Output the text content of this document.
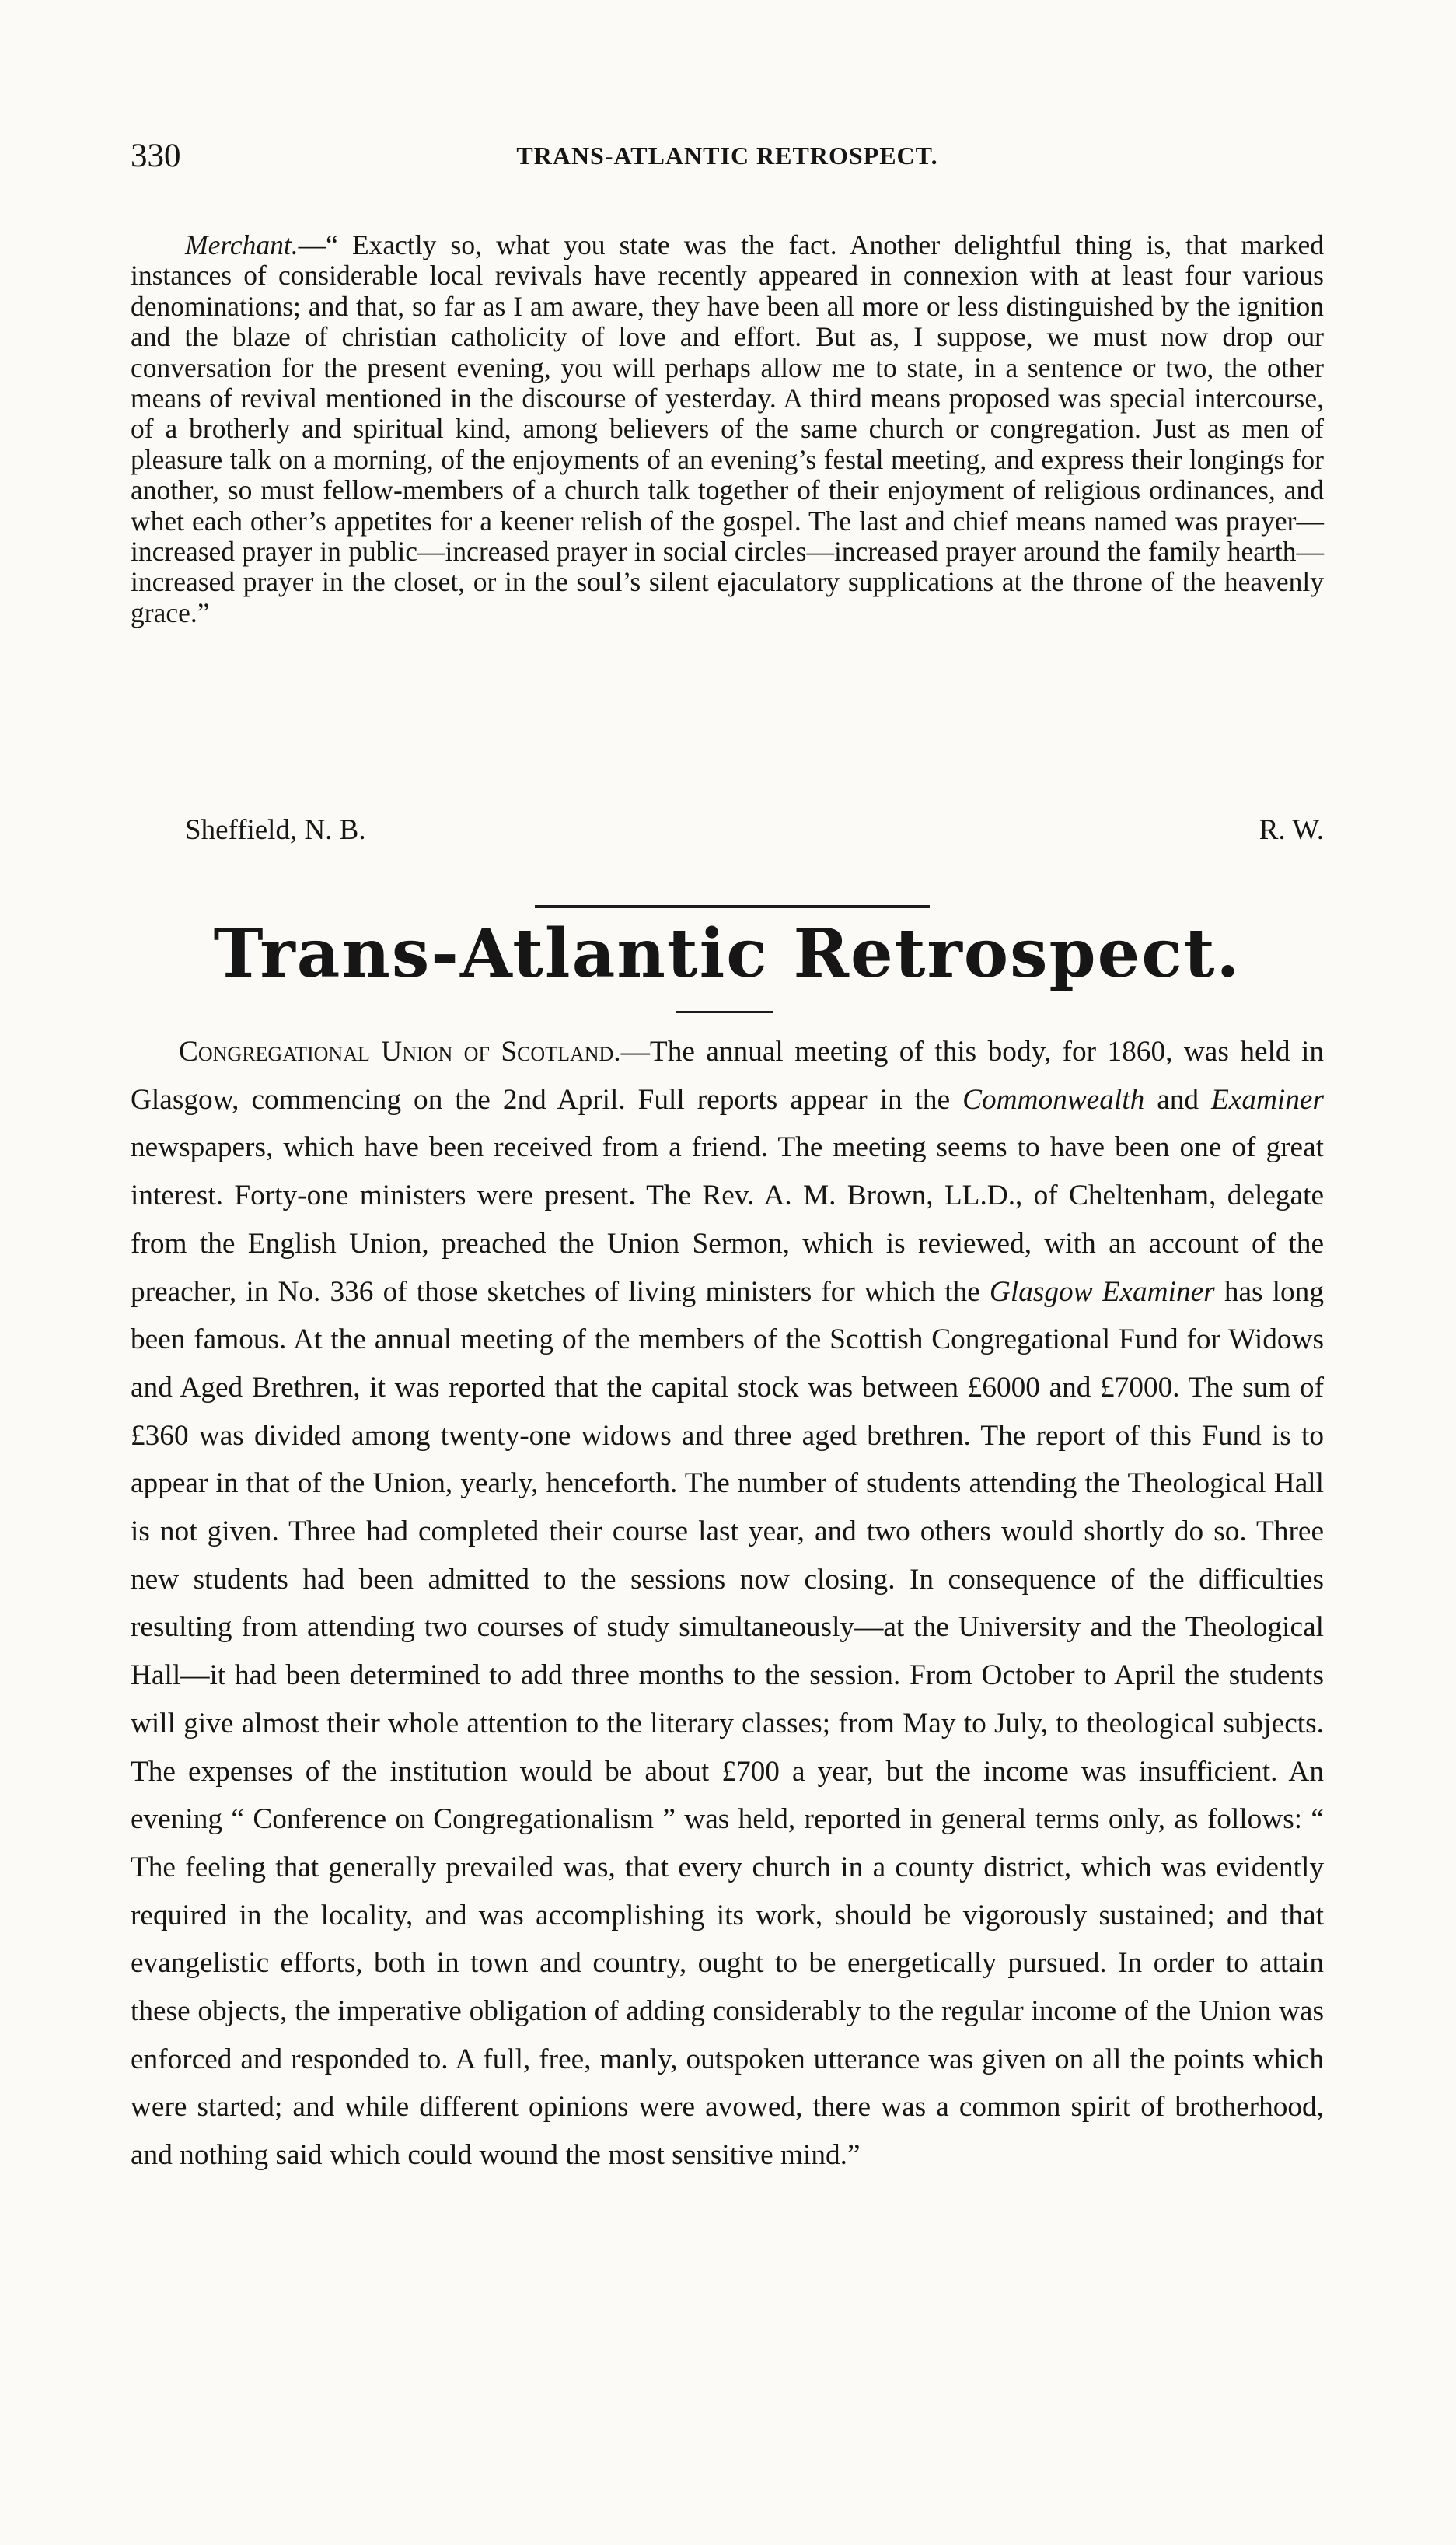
330	TRANS-ATLANTIC RETROSPECT.

Merchant.—“ Exactly so, what you state was the fact. Another delightful thing is, that marked instances of considerable local revivals have recently appeared in connexion with at least four various denominations; and that, so far as I am aware, they have been all more or less distinguished by the ignition and the blaze of christian catholicity of love and effort. But as, I suppose, we must now drop our conversation for the present evening, you will perhaps allow me to state, in a sentence or two, the other means of revival mentioned in the discourse of yesterday. A third means proposed was special intercourse, of a brotherly and spiritual kind, among believers of the same church or congregation. Just as men of pleasure talk on a morning, of the enjoyments of an evening’s festal meeting, and express their longings for another, so must fellow-members of a church talk together of their enjoyment of religious ordinances, and whet each other’s appetites for a keener relish of the gospel. The last and chief means named was prayer—increased prayer in public—increased prayer in social circles—increased prayer around the family hearth—increased prayer in the closet, or in the soul’s silent ejaculatory supplications at the throne of the heavenly grace.”

Sheffield, N. B.	R. W.
Trans-Atlantic Retrospect.

Congregational Union of Scotland.—The annual meeting of this body, for 1860, was held in Glasgow, commencing on the 2nd April. Full reports appear in the Commonwealth and Examiner newspapers, which have been received from a friend. The meeting seems to have been one of great interest. Forty-one ministers were present. The Rev. A. M. Brown, LL.D., of Cheltenham, delegate from the English Union, preached the Union Sermon, which is reviewed, with an account of the preacher, in No. 336 of those sketches of living ministers for which the Glasgow Examiner has long been famous. At the annual meeting of the members of the Scottish Congregational Fund for Widows and Aged Brethren, it was reported that the capital stock was between £6000 and £7000. The sum of £360 was divided among twenty-one widows and three aged brethren. The report of this Fund is to appear in that of the Union, yearly, henceforth. The number of students attending the Theological Hall is not given. Three had completed their course last year, and two others would shortly do so. Three new students had been admitted to the sessions now closing. In consequence of the difficulties resulting from attending two courses of study simultaneously—at the University and the Theological Hall—it had been determined to add three months to the session. From October to April the students will give almost their whole attention to the literary classes; from May to July, to theological subjects. The expenses of the institution would be about £700 a year, but the income was insufficient. An evening “ Conference on Congregationalism ” was held, reported in general terms only, as follows: “ The feeling that generally prevailed was, that every church in a county district, which was evidently required in the locality, and was accomplishing its work, should be vigorously sustained; and that evangelistic efforts, both in town and country, ought to be energetically pursued. In order to attain these objects, the imperative obligation of adding considerably to the regular income of the Union was enforced and responded to. A full, free, manly, outspoken utterance was given on all the points which were started; and while different opinions were avowed, there was a common spirit of brotherhood, and nothing said which could wound the most sensitive mind.”
